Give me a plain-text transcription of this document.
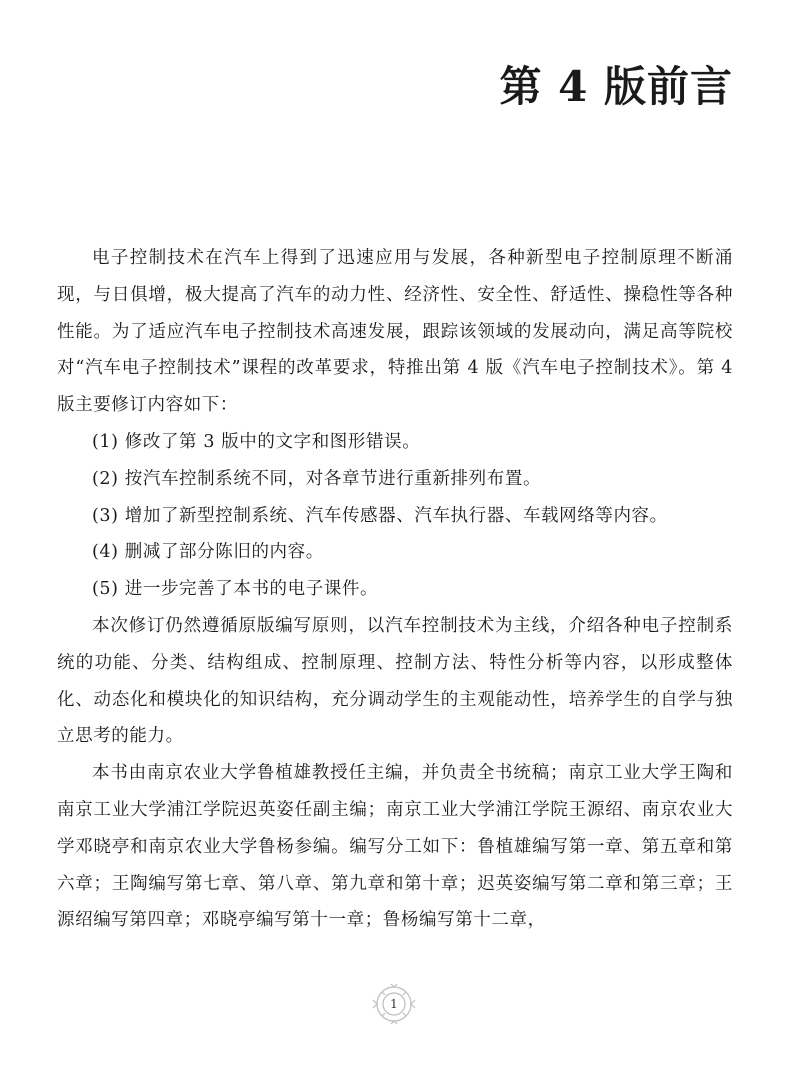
第 4 版前言

电子控制技术在汽车上得到了迅速应用与发展，各种新型电子控制原理不断涌现，与日俱增，极大提高了汽车的动力性、经济性、安全性、舒适性、操稳性等各种性能。为了适应汽车电子控制技术高速发展，跟踪该领域的发展动向，满足高等院校对“汽车电子控制技术”课程的改革要求，特推出第 4 版《汽车电子控制技术》。第 4 版主要修订内容如下：

(1) 修改了第 3 版中的文字和图形错误。

(2) 按汽车控制系统不同，对各章节进行重新排列布置。

(3) 增加了新型控制系统、汽车传感器、汽车执行器、车载网络等内容。

(4) 删减了部分陈旧的内容。

(5) 进一步完善了本书的电子课件。

本次修订仍然遵循原版编写原则，以汽车控制技术为主线，介绍各种电子控制系统的功能、分类、结构组成、控制原理、控制方法、特性分析等内容，以形成整体化、动态化和模块化的知识结构，充分调动学生的主观能动性，培养学生的自学与独立思考的能力。

本书由南京农业大学鲁植雄教授任主编，并负责全书统稿；南京工业大学王陶和南京工业大学浦江学院迟英姿任副主编；南京工业大学浦江学院王源绍、南京农业大学邓晓亭和南京农业大学鲁杨参编。编写分工如下：鲁植雄编写第一章、第五章和第六章；王陶编写第七章、第八章、第九章和第十章；迟英姿编写第二章和第三章；王源绍编写第四章；邓晓亭编写第十一章；鲁杨编写第十二章，

1
